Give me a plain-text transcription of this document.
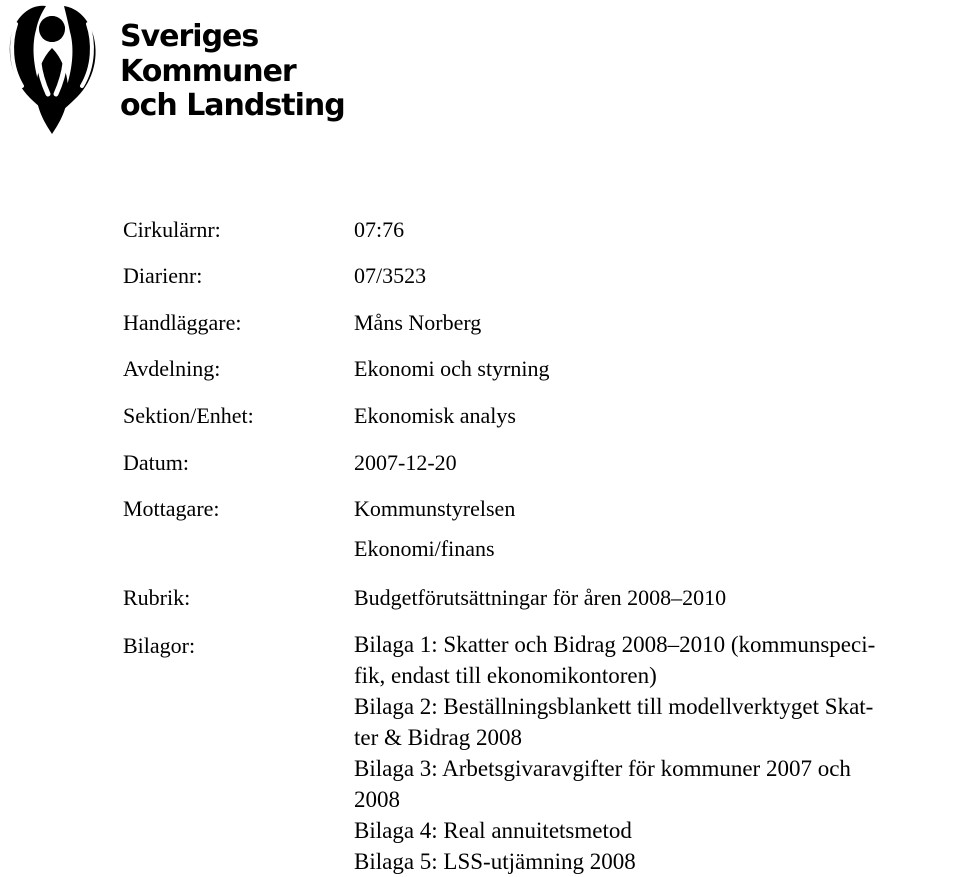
Sveriges
Kommuner
och Landsting
Cirkulärnr:	07:76
Diarienr:	07/3523
Handläggare:	Måns Norberg
Avdelning:	Ekonomi och styrning
Sektion/Enhet:	Ekonomisk analys
Datum:	2007-12-20
Mottagare:	Kommunstyrelsen
Ekonomi/finans
Rubrik:	Budgetförutsättningar för åren 2008–2010
Bilagor:	Bilaga 1: Skatter och Bidrag 2008–2010 (kommunspeci-
fik, endast till ekonomikontoren)
Bilaga 2: Beställningsblankett till modellverktyget Skat-
ter & Bidrag 2008
Bilaga 3: Arbetsgivaravgifter för kommuner 2007 och
2008
Bilaga 4: Real annuitetsmetod
Bilaga 5: LSS-utjämning 2008
